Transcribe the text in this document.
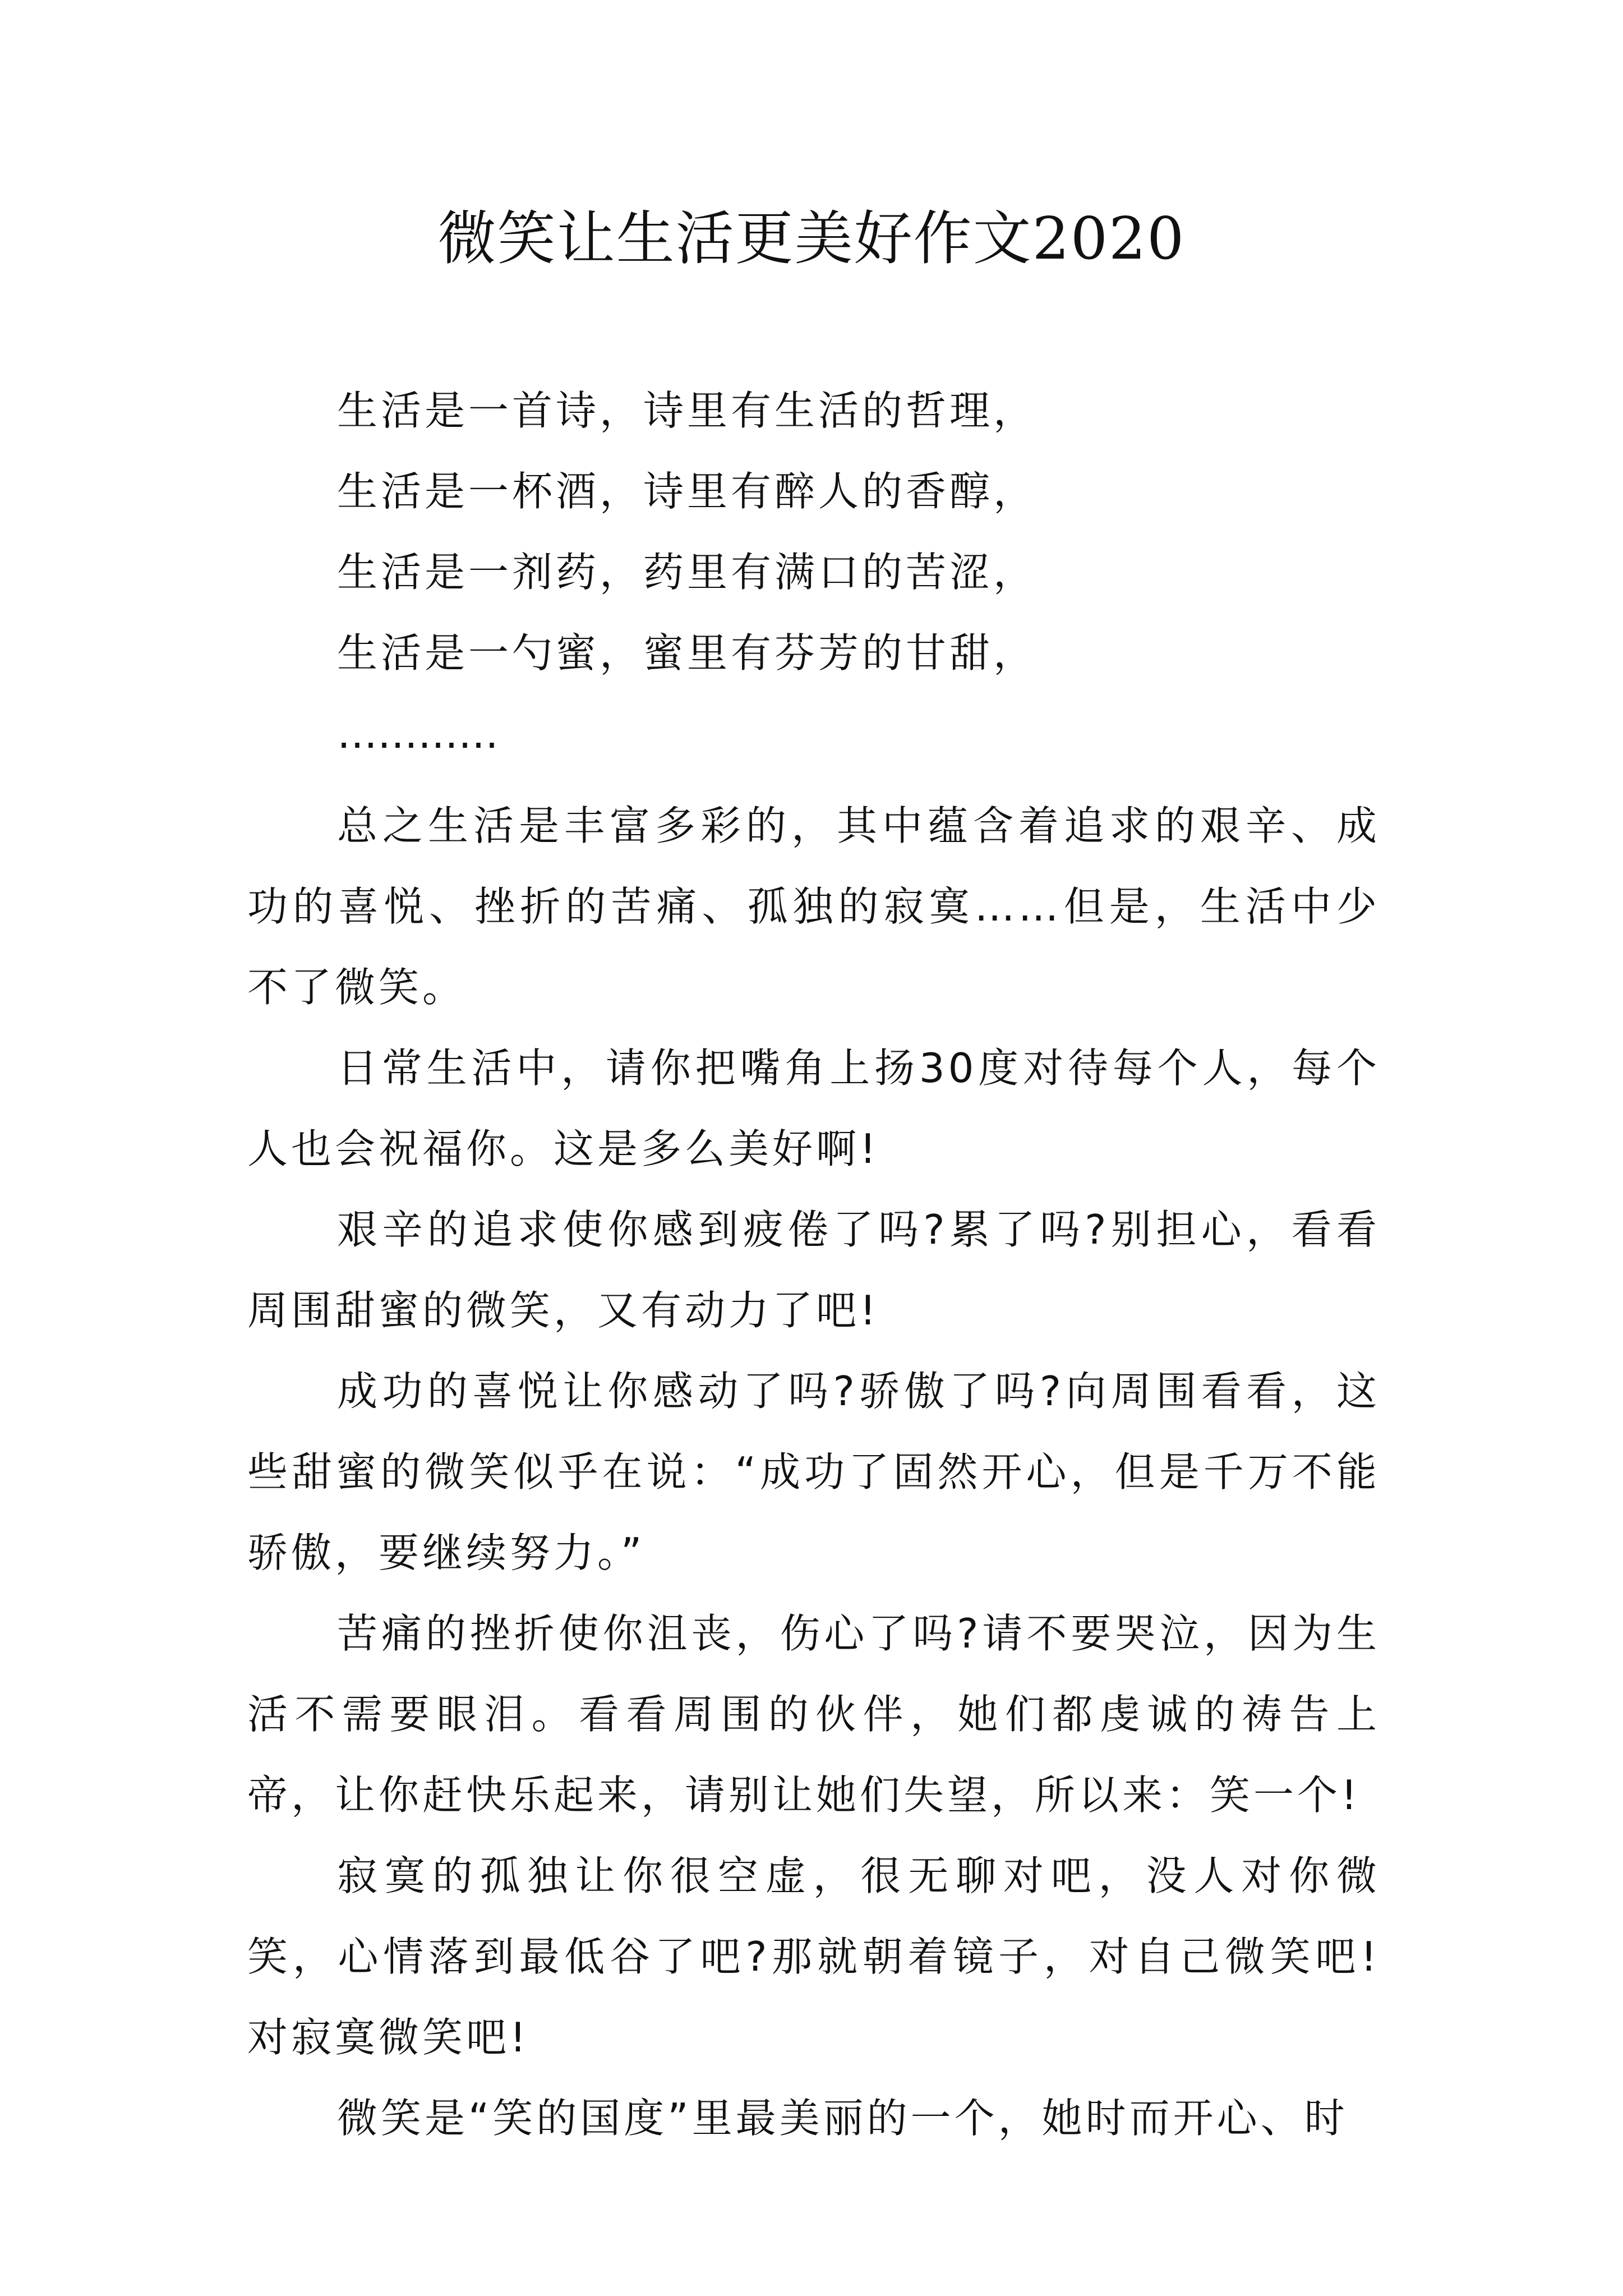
微笑让生活更美好作文2020
生活是一首诗，诗里有生活的哲理，
生活是一杯酒，诗里有醉人的香醇，
生活是一剂药，药里有满口的苦涩，
生活是一勺蜜，蜜里有芬芳的甘甜，
…………

总之生活是丰富多彩的，其中蕴含着追求的艰辛、成功的喜悦、挫折的苦痛、孤独的寂寞……但是，生活中少不了微笑。

日常生活中，请你把嘴角上扬30度对待每个人，每个人也会祝福你。这是多么美好啊!

艰辛的追求使你感到疲倦了吗?累了吗?别担心，看看周围甜蜜的微笑，又有动力了吧!

成功的喜悦让你感动了吗?骄傲了吗?向周围看看，这些甜蜜的微笑似乎在说：“成功了固然开心，但是千万不能骄傲，要继续努力。”

苦痛的挫折使你沮丧，伤心了吗?请不要哭泣，因为生活不需要眼泪。看看周围的伙伴，她们都虔诚的祷告上帝，让你赶快乐起来，请别让她们失望，所以来：笑一个!

寂寞的孤独让你很空虚，很无聊对吧，没人对你微笑，心情落到最低谷了吧?那就朝着镜子，对自己微笑吧!对寂寞微笑吧!

微笑是“笑的国度”里最美丽的一个，她时而开心、时
